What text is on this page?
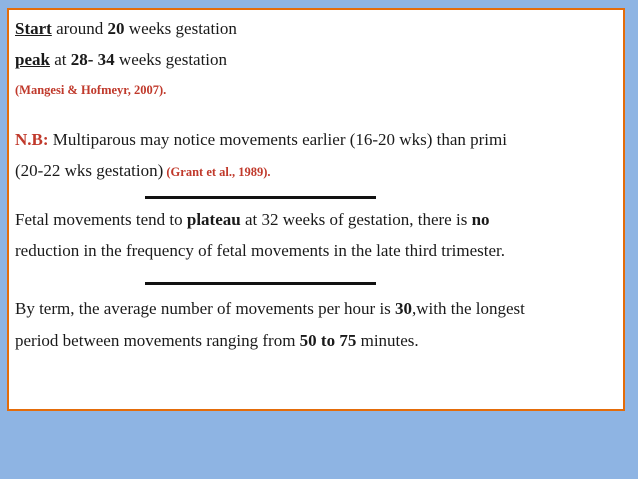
Start around 20 weeks gestation
peak at 28- 34 weeks gestation
(Mangesi & Hofmeyr, 2007).
N.B: Multiparous may notice movements earlier (16-20 wks) than primi
(20-22 wks gestation) (Grant et al., 1989).
Fetal movements tend to plateau at 32 weeks of gestation, there is no
reduction in the frequency of fetal movements in the late third trimester.
By term, the average number of movements per hour is 30,with the longest
period between movements ranging from 50 to 75 minutes.
